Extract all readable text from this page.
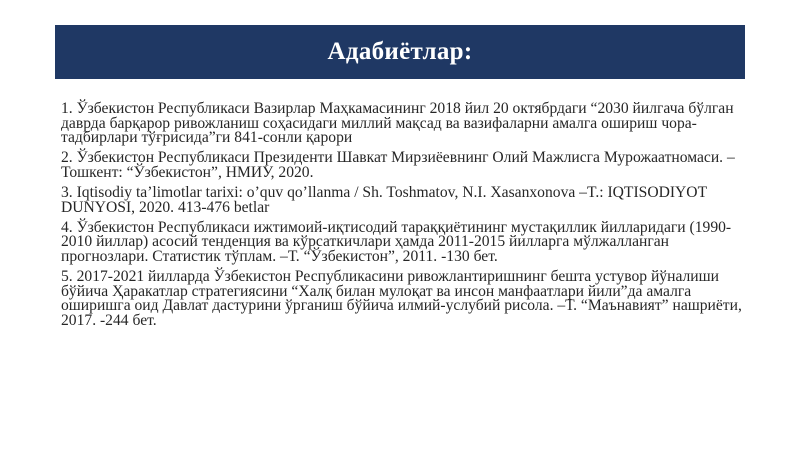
Адабиётлар:
1. Ўзбекистон Республикаси Вазирлар Маҳкамасининг 2018 йил 20 октябрдаги “2030 йилгача бўлган даврда барқарор ривожланиш соҳасидаги миллий мақсад ва вазифаларни амалга ошириш чора-тадбирлари тўғрисида”ги 841-сонли қарори
2. Ўзбекистон Республикаси Президенти Шавкат Мирзиёевнинг Олий Мажлисга Мурожаатномаси. –Тошкент: “Ўзбекистон”, НМИУ, 2020.
3. Iqtisodiy ta’limotlar tarixi: o’quv qo’llanma / Sh. Toshmatov, N.I. Xasanxonova –T.: IQTISODIYOT DUNYOSI, 2020. 413-476 betlar
4. Ўзбекистон Республикаси ижтимоий-иқтисодий тараққиётининг мустақиллик йилларидаги (1990-2010 йиллар) асосий тенденция ва кўрсаткичлари ҳамда 2011-2015 йилларга мўлжалланган прогнозлари. Статистик тўплам. –Т. “Ўзбекистон”, 2011. -130 бет.
5. 2017-2021 йилларда Ўзбекистон Республикасини ривожлантиришнинг бешта устувор йўналиши бўйича Ҳаракатлар стратегиясини “Халқ билан мулоқат ва инсон манфаатлари йили”да амалга оширишга оид Давлат дастурини ўрганиш бўйича илмий-услубий рисола. –Т. “Маънавият” нашриёти, 2017. -244 бет.
